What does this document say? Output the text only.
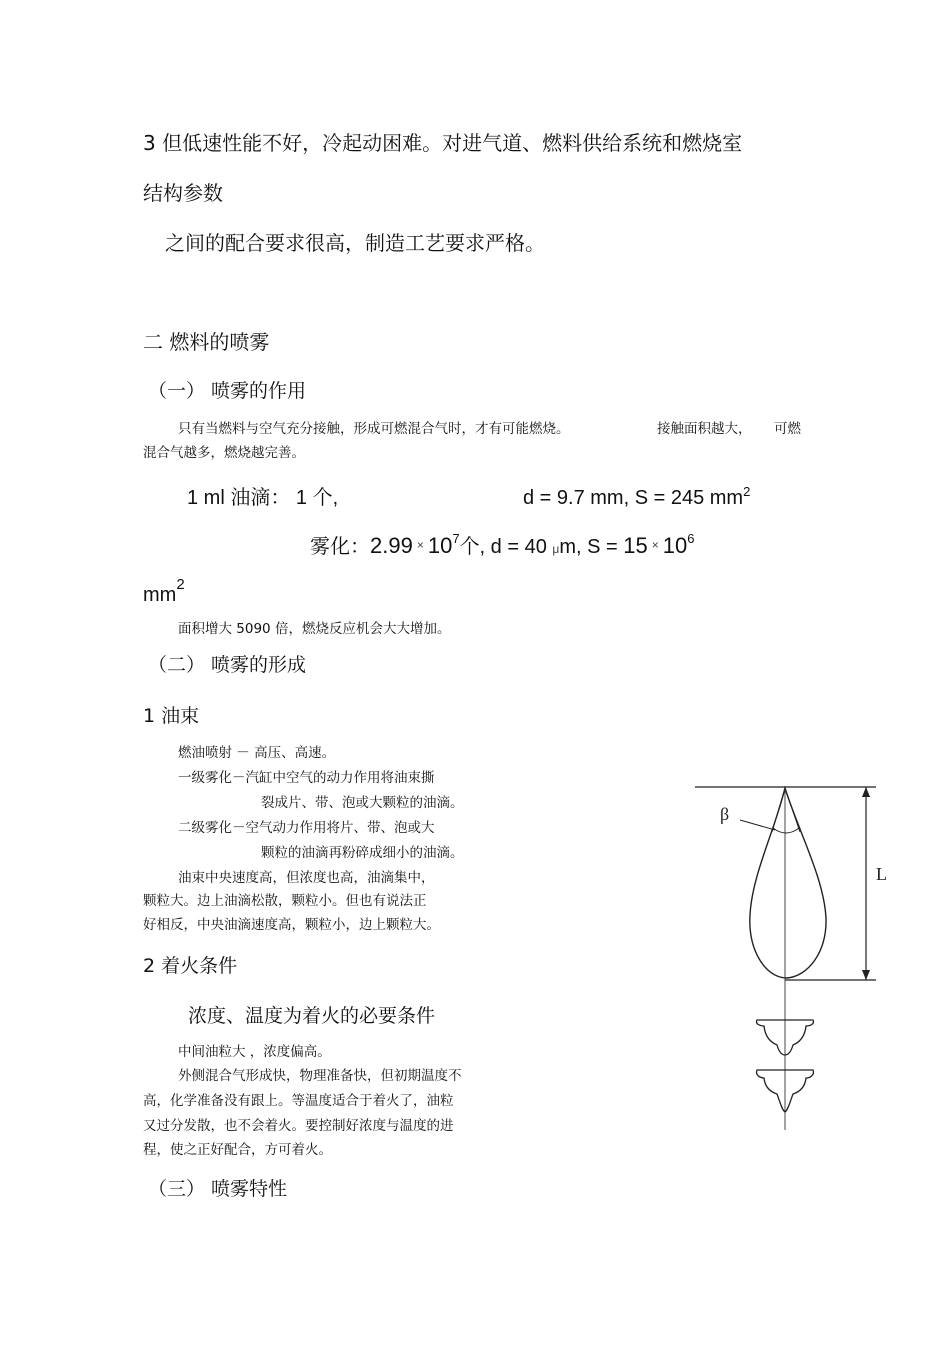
3 但低速性能不好，冷起动困难。对进气道、燃料供给系统和燃烧室
结构参数
之间的配合要求很高，制造工艺要求严格。
二 燃料的喷雾
（一） 喷雾的作用
只有当燃料与空气充分接触，形成可燃混合气时，才有可能燃烧。	接触面积越大， 可燃
混合气越多，燃烧越完善。
1 ml 油滴： 1 个,	d = 9.7 mm, S = 245 $mm^2$
雾化：$2.99 \times 10^7$个, d = 40 μm, $S = 15 \times 10^6$
$mm^2$
面积增大 5090 倍，燃烧反应机会大大增加。
（二） 喷雾的形成
1 油束
燃油喷射 － 高压、高速。
一级雾化－汽缸中空气的动力作用将油束撕
裂成片、带、泡或大颗粒的油滴。
二级雾化－空气动力作用将片、带、泡或大
颗粒的油滴再粉碎成细小的油滴。
油束中央速度高，但浓度也高，油滴集中，
颗粒大。边上油滴松散，颗粒小。但也有说法正
好相反，中央油滴速度高，颗粒小，边上颗粒大。
2 着火条件
浓度、温度为着火的必要条件
中间油粒大 ，浓度偏高。
外侧混合气形成快，物理准备快，但初期温度不
高，化学准备没有跟上。等温度适合于着火了，油粒
又过分发散，也不会着火。要控制好浓度与温度的进
程，使之正好配合，方可着火。
（三） 喷雾特性
L
β
